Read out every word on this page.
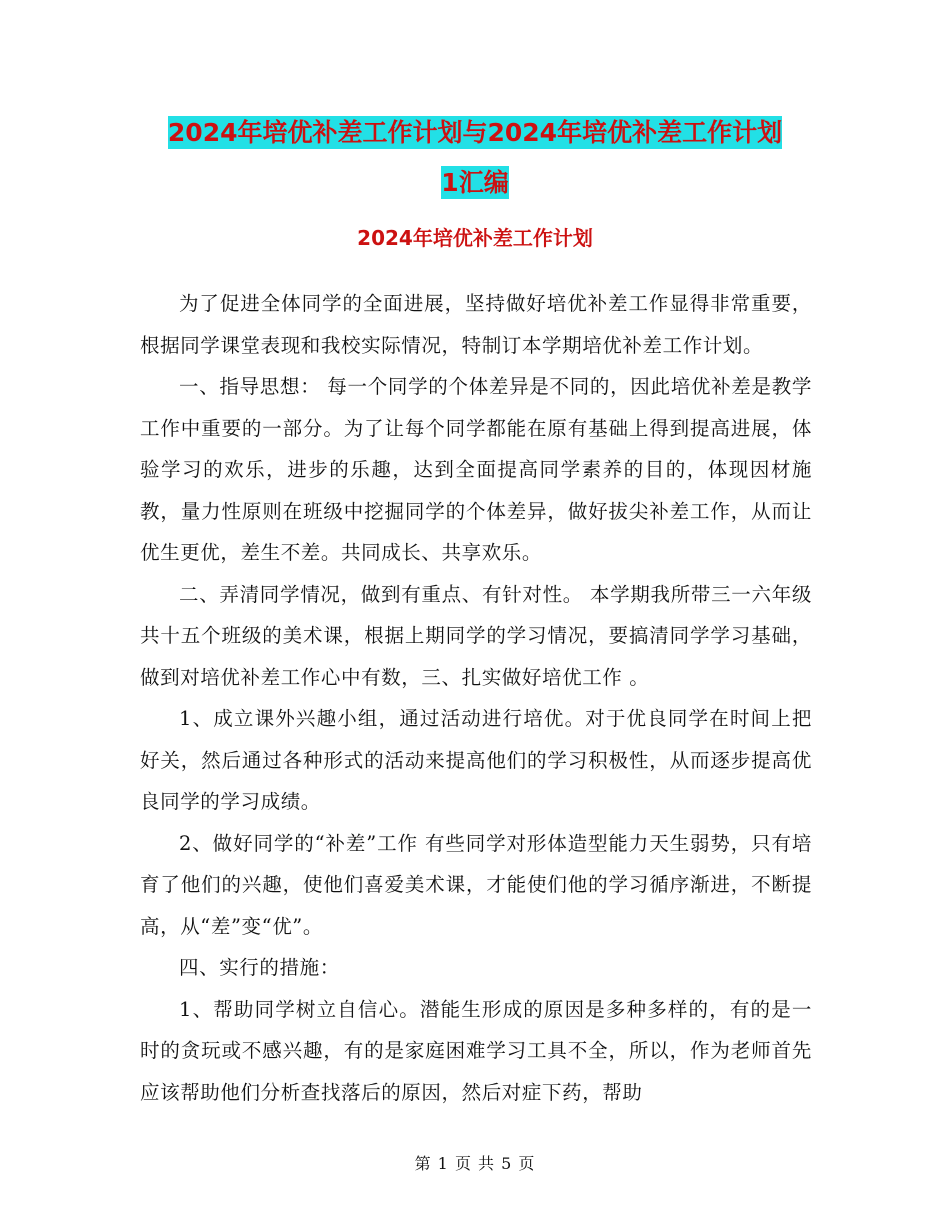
2024年培优补差工作计划与2024年培优补差工作计划
1汇编
2024年培优补差工作计划

为了促进全体同学的全面进展，坚持做好培优补差工作显得非常重要，根据同学课堂表现和我校实际情况，特制订本学期培优补差工作计划。

一、指导思想： 每一个同学的个体差异是不同的，因此培优补差是教学工作中重要的一部分。为了让每个同学都能在原有基础上得到提高进展，体验学习的欢乐，进步的乐趣，达到全面提高同学素养的目的，体现因材施教，量力性原则在班级中挖掘同学的个体差异，做好拔尖补差工作，从而让优生更优，差生不差。共同成长、共享欢乐。

二、弄清同学情况，做到有重点、有针对性。 本学期我所带三一六年级共十五个班级的美术课，根据上期同学的学习情况，要搞清同学学习基础，做到对培优补差工作心中有数，三、扎实做好培优工作 。

1、成立课外兴趣小组，通过活动进行培优。对于优良同学在时间上把好关，然后通过各种形式的活动来提高他们的学习积极性，从而逐步提高优良同学的学习成绩。

2、做好同学的“补差”工作 有些同学对形体造型能力天生弱势，只有培育了他们的兴趣，使他们喜爱美术课，才能使们他的学习循序渐进，不断提高，从“差”变“优”。

四、实行的措施：

1、帮助同学树立自信心。潜能生形成的原因是多种多样的，有的是一时的贪玩或不感兴趣，有的是家庭困难学习工具不全，所以，作为老师首先应该帮助他们分析查找落后的原因，然后对症下药，帮助

第 1 页 共 5 页
